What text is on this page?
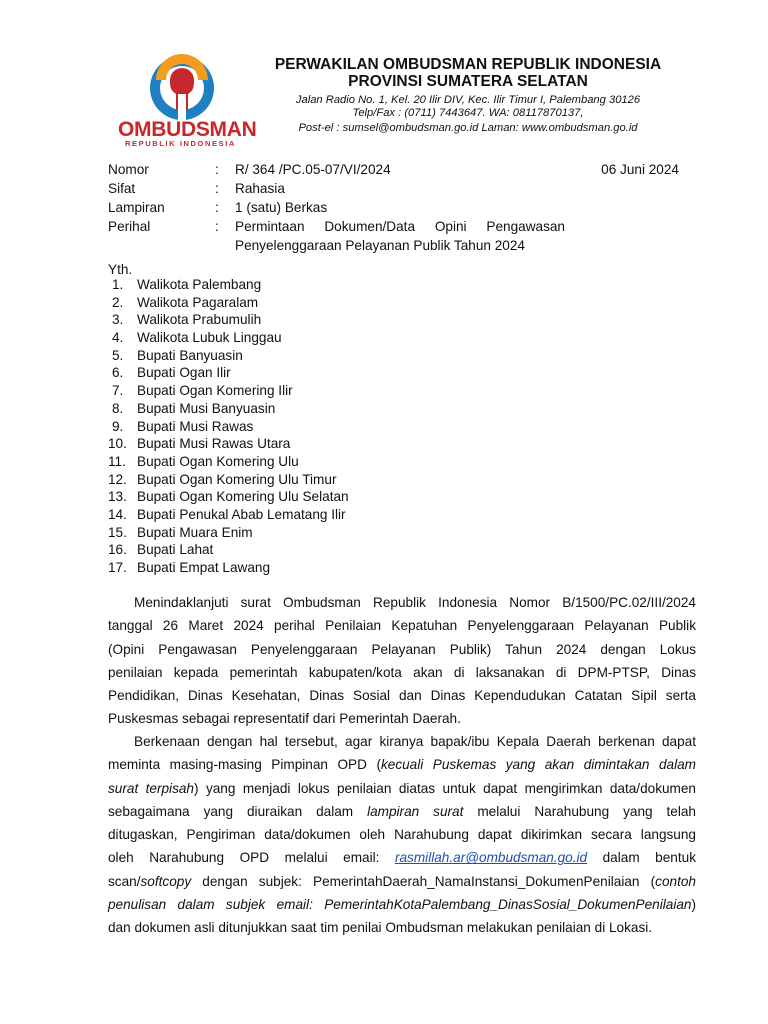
OMBUDSMAN
REPUBLIK INDONESIA
PERWAKILAN OMBUDSMAN REPUBLIK INDONESIA
PROVINSI SUMATERA SELATAN
Jalan Radio No. 1, Kel. 20 Ilir DIV, Kec. Ilir Timur I, Palembang 30126
Telp/Fax : (0711) 7443647. WA: 08117870137,
Post-el : sumsel@ombudsman.go.id Laman: www.ombudsman.go.id
Nomor	: R/ 364 /PC.05-07/VI/2024	06 Juni 2024
Sifat	: Rahasia
Lampiran	: 1 (satu) Berkas
Perihal	: Permintaan Dokumen/Data Opini Pengawasan
Penyelenggaraan Pelayanan Publik Tahun 2024
Yth.
1. Walikota Palembang
2. Walikota Pagaralam
3. Walikota Prabumulih
4. Walikota Lubuk Linggau
5. Bupati Banyuasin
6. Bupati Ogan Ilir
7. Bupati Ogan Komering Ilir
8. Bupati Musi Banyuasin
9. Bupati Musi Rawas
10. Bupati Musi Rawas Utara
11. Bupati Ogan Komering Ulu
12. Bupati Ogan Komering Ulu Timur
13. Bupati Ogan Komering Ulu Selatan
14. Bupati Penukal Abab Lematang Ilir
15. Bupati Muara Enim
16. Bupati Lahat
17. Bupati Empat Lawang
Menindaklanjuti surat Ombudsman Republik Indonesia Nomor B/1500/PC.02/III/2024
tanggal 26 Maret 2024 perihal Penilaian Kepatuhan Penyelenggaraan Pelayanan Publik
(Opini Pengawasan Penyelenggaraan Pelayanan Publik) Tahun 2024 dengan Lokus
penilaian kepada pemerintah kabupaten/kota akan di laksanakan di DPM-PTSP, Dinas
Pendidikan, Dinas Kesehatan, Dinas Sosial dan Dinas Kependudukan Catatan Sipil serta
Puskesmas sebagai representatif dari Pemerintah Daerah.
Berkenaan dengan hal tersebut, agar kiranya bapak/ibu Kepala Daerah berkenan dapat
meminta masing-masing Pimpinan OPD (kecuali Puskemas yang akan dimintakan dalam
surat terpisah) yang menjadi lokus penilaian diatas untuk dapat mengirimkan data/dokumen
sebagaimana yang diuraikan dalam lampiran surat melalui Narahubung yang telah
ditugaskan, Pengiriman data/dokumen oleh Narahubung dapat dikirimkan secara langsung
oleh Narahubung OPD melalui email: rasmillah.ar@ombudsman.go.id dalam bentuk
scan/softcopy dengan subjek: PemerintahDaerah_NamaInstansi_DokumenPenilaian (contoh
penulisan dalam subjek email: PemerintahKotaPalembang_DinasSosial_DokumenPenilaian)
dan dokumen asli ditunjukkan saat tim penilai Ombudsman melakukan penilaian di Lokasi.
